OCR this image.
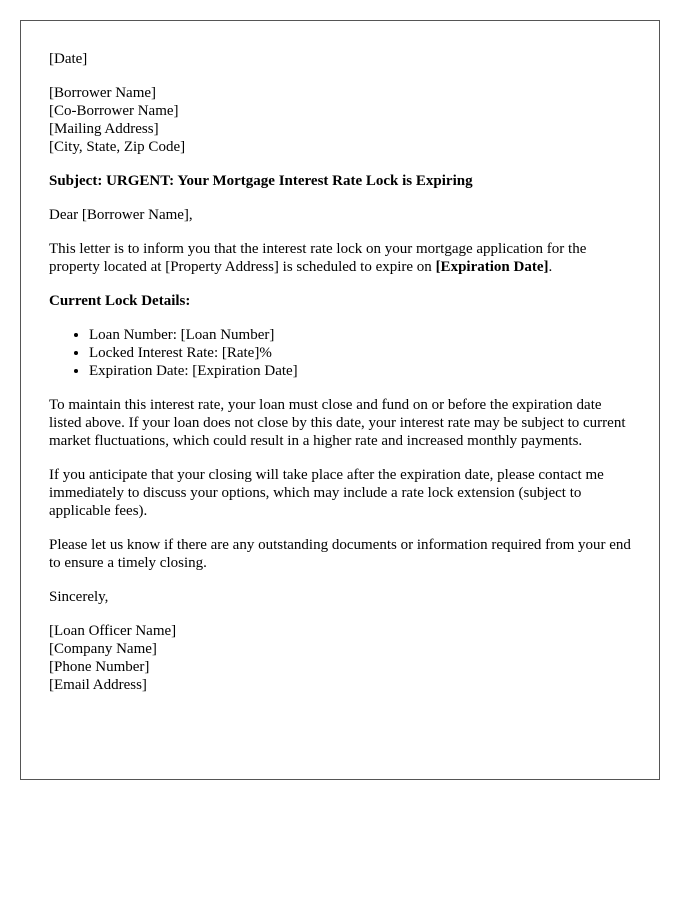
[Date]

[Borrower Name]
[Co-Borrower Name]
[Mailing Address]
[City, State, Zip Code]

Subject: URGENT: Your Mortgage Interest Rate Lock is Expiring

Dear [Borrower Name],

This letter is to inform you that the interest rate lock on your mortgage application for the property located at [Property Address] is scheduled to expire on [Expiration Date].

Current Lock Details:

• Loan Number: [Loan Number]
• Locked Interest Rate: [Rate]%
• Expiration Date: [Expiration Date]

To maintain this interest rate, your loan must close and fund on or before the expiration date listed above. If your loan does not close by this date, your interest rate may be subject to current market fluctuations, which could result in a higher rate and increased monthly payments.

If you anticipate that your closing will take place after the expiration date, please contact me immediately to discuss your options, which may include a rate lock extension (subject to applicable fees).

Please let us know if there are any outstanding documents or information required from your end to ensure a timely closing.

Sincerely,

[Loan Officer Name]
[Company Name]
[Phone Number]
[Email Address]
